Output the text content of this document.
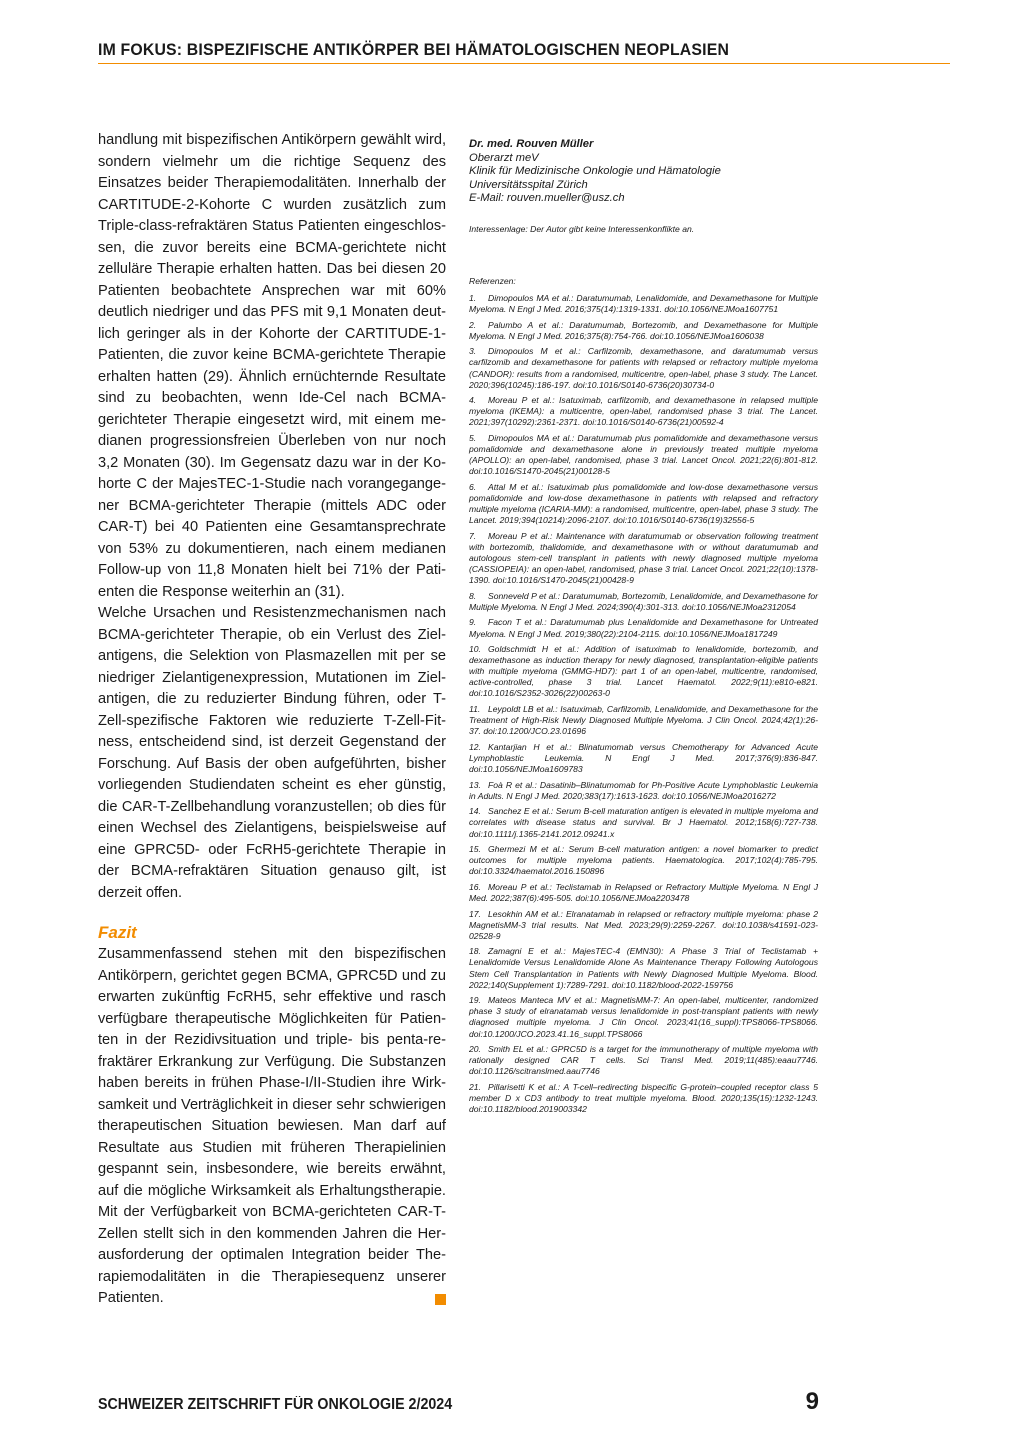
IM FOKUS: BISPEZIFISCHE ANTIKÖRPER BEI HÄMATOLOGISCHEN NEOPLASIEN

handlung mit bispezifischen Antikörpern gewählt wird, sondern vielmehr um die richtige Sequenz des Einsatzes beider Therapiemodalitäten. Innerhalb der CARTITUDE-2-Kohorte C wurden zusätzlich zum Triple-class-refraktären Status Patienten eingeschlossen, die zuvor bereits eine BCMA-gerichtete nicht zelluläre Therapie erhalten hatten. Das bei diesen 20 Patienten beobachtete Ansprechen war mit 60% deutlich niedriger und das PFS mit 9,1 Monaten deutlich geringer als in der Kohorte der CARTITUDE-1-Patienten, die zuvor keine BCMA-gerichtete Therapie erhalten hatten (29). Ähnlich ernüchternde Resultate sind zu beobachten, wenn Ide-Cel nach BCMA-gerichteter Therapie eingesetzt wird, mit einem medianen progressionsfreien Überleben von nur noch 3,2 Monaten (30). Im Gegensatz dazu war in der Kohorte C der MajesTEC-1-Studie nach vorangegangener BCMA-gerichteter Therapie (mittels ADC oder CAR-T) bei 40 Patienten eine Gesamtansprechrate von 53% zu dokumentieren, nach einem medianen Follow-up von 11,8 Monaten hielt bei 71% der Patienten die Response weiterhin an (31).

Welche Ursachen und Resistenzmechanismen nach BCMA-gerichteter Therapie, ob ein Verlust des Zielantigens, die Selektion von Plasmazellen mit per se niedriger Zielantigenexpression, Mutationen im Zielantigen, die zu reduzierter Bindung führen, oder T-Zell-spezifische Faktoren wie reduzierte T-Zell-Fitness, entscheidend sind, ist derzeit Gegenstand der Forschung. Auf Basis der oben aufgeführten, bisher vorliegenden Studiendaten scheint es eher günstig, die CAR-T-Zellbehandlung voranzustellen; ob dies für einen Wechsel des Zielantigens, beispielsweise auf eine GPRC5D- oder FcRH5-gerichtete Therapie in der BCMA-refraktären Situation genauso gilt, ist derzeit offen.

Fazit

Zusammenfassend stehen mit den bispezifischen Antikörpern, gerichtet gegen BCMA, GPRC5D und zu erwarten zukünftig FcRH5, sehr effektive und rasch verfügbare therapeutische Möglichkeiten für Patienten in der Rezidivsituation und triple- bis penta-refraktärer Erkrankung zur Verfügung. Die Substanzen haben bereits in frühen Phase-I/II-Studien ihre Wirksamkeit und Verträglichkeit in dieser sehr schwierigen therapeutischen Situation bewiesen. Man darf auf Resultate aus Studien mit früheren Therapielinien gespannt sein, insbesondere, wie bereits erwähnt, auf die mögliche Wirksamkeit als Erhaltungstherapie. Mit der Verfügbarkeit von BCMA-gerichteten CAR-T-Zellen stellt sich in den kommenden Jahren die Herausforderung der optimalen Integration beider Therapiemodalitäten in die Therapiesequenz unserer Patienten.

Dr. med. Rouven Müller
Oberarzt meV
Klinik für Medizinische Onkologie und Hämatologie
Universitätsspital Zürich
E-Mail: rouven.mueller@usz.ch
Interessenlage: Der Autor gibt keine Interessenkonflikte an.
Referenzen:
1. Dimopoulos MA et al.: Daratumumab, Lenalidomide, and Dexamethasone for Multiple Myeloma. N Engl J Med. 2016;375(14):1319-1331. doi:10.1056/NEJMoa1607751
2. Palumbo A et al.: Daratumumab, Bortezomib, and Dexamethasone for Multiple Myeloma. N Engl J Med. 2016;375(8):754-766. doi:10.1056/NEJMoa1606038
3. Dimopoulos M et al.: Carfilzomib, dexamethasone, and daratumumab versus carfilzomib and dexamethasone for patients with relapsed or refractory multiple myeloma (CANDOR): results from a randomised, multicentre, open-label, phase 3 study. The Lancet. 2020;396(10245):186-197. doi:10.1016/S0140-6736(20)30734-0
4. Moreau P et al.: Isatuximab, carfilzomib, and dexamethasone in relapsed multiple myeloma (IKEMA): a multicentre, open-label, randomised phase 3 trial. The Lancet. 2021;397(10292):2361-2371. doi:10.1016/S0140-6736(21)00592-4
5. Dimopoulos MA et al.: Daratumumab plus pomalidomide and dexamethasone versus pomalidomide and dexamethasone alone in previously treated multiple myeloma (APOLLO): an open-label, randomised, phase 3 trial. Lancet Oncol. 2021;22(6):801-812. doi:10.1016/S1470-2045(21)00128-5
6. Attal M et al.: Isatuximab plus pomalidomide and low-dose dexamethasone versus pomalidomide and low-dose dexamethasone in patients with relapsed and refractory multiple myeloma (ICARIA-MM): a randomised, multicentre, open-label, phase 3 study. The Lancet. 2019;394(10214):2096-2107. doi:10.1016/S0140-6736(19)32556-5
7. Moreau P et al.: Maintenance with daratumumab or observation following treatment with bortezomib, thalidomide, and dexamethasone with or without daratumumab and autologous stem-cell transplant in patients with newly diagnosed multiple myeloma (CASSIOPEIA): an open-label, randomised, phase 3 trial. Lancet Oncol. 2021;22(10):1378-1390. doi:10.1016/S1470-2045(21)00428-9
8. Sonneveld P et al.: Daratumumab, Bortezomib, Lenalidomide, and Dexamethasone for Multiple Myeloma. N Engl J Med. 2024;390(4):301-313. doi:10.1056/NEJMoa2312054
9. Facon T et al.: Daratumumab plus Lenalidomide and Dexamethasone for Untreated Myeloma. N Engl J Med. 2019;380(22):2104-2115. doi:10.1056/NEJMoa1817249
10. Goldschmidt H et al.: Addition of isatuximab to lenalidomide, bortezomib, and dexamethasone as induction therapy for newly diagnosed, transplantation-eligible patients with multiple myeloma (GMMG-HD7): part 1 of an open-label, multicentre, randomised, active-controlled, phase 3 trial. Lancet Haematol. 2022;9(11):e810-e821. doi:10.1016/S2352-3026(22)00263-0
11. Leypoldt LB et al.: Isatuximab, Carfilzomib, Lenalidomide, and Dexamethasone for the Treatment of High-Risk Newly Diagnosed Multiple Myeloma. J Clin Oncol. 2024;42(1):26-37. doi:10.1200/JCO.23.01696
12. Kantarjian H et al.: Blinatumomab versus Chemotherapy for Advanced Acute Lymphoblastic Leukemia. N Engl J Med. 2017;376(9):836-847. doi:10.1056/NEJMoa1609783
13. Foà R et al.: Dasatinib–Blinatumomab for Ph-Positive Acute Lymphoblastic Leukemia in Adults. N Engl J Med. 2020;383(17):1613-1623. doi:10.1056/NEJMoa2016272
14. Sanchez E et al.: Serum B-cell maturation antigen is elevated in multiple myeloma and correlates with disease status and survival. Br J Haematol. 2012;158(6):727-738. doi:10.1111/j.1365-2141.2012.09241.x
15. Ghermezi M et al.: Serum B-cell maturation antigen: a novel biomarker to predict outcomes for multiple myeloma patients. Haematologica. 2017;102(4):785-795. doi:10.3324/haematol.2016.150896
16. Moreau P et al.: Teclistamab in Relapsed or Refractory Multiple Myeloma. N Engl J Med. 2022;387(6):495-505. doi:10.1056/NEJMoa2203478
17. Lesokhin AM et al.: Elranatamab in relapsed or refractory multiple myeloma: phase 2 MagnetisMM-3 trial results. Nat Med. 2023;29(9):2259-2267. doi:10.1038/s41591-023-02528-9
18. Zamagni E et al.: MajesTEC-4 (EMN30): A Phase 3 Trial of Teclistamab + Lenalidomide Versus Lenalidomide Alone As Maintenance Therapy Following Autologous Stem Cell Transplantation in Patients with Newly Diagnosed Multiple Myeloma. Blood. 2022;140(Supplement 1):7289-7291. doi:10.1182/blood-2022-159756
19. Mateos Manteca MV et al.: MagnetisMM-7: An open-label, multicenter, randomized phase 3 study of elranatamab versus lenalidomide in post-transplant patients with newly diagnosed multiple myeloma. J Clin Oncol. 2023;41(16_suppl):TPS8066-TPS8066. doi:10.1200/JCO.2023.41.16_suppl.TPS8066
20. Smith EL et al.: GPRC5D is a target for the immunotherapy of multiple myeloma with rationally designed CAR T cells. Sci Transl Med. 2019;11(485):eaau7746. doi:10.1126/scitranslmed.aau7746
21. Pillarisetti K et al.: A T-cell–redirecting bispecific G-protein–coupled receptor class 5 member D x CD3 antibody to treat multiple myeloma. Blood. 2020;135(15):1232-1243. doi:10.1182/blood.2019003342
SCHWEIZER ZEITSCHRIFT FÜR ONKOLOGIE 2/2024	9
